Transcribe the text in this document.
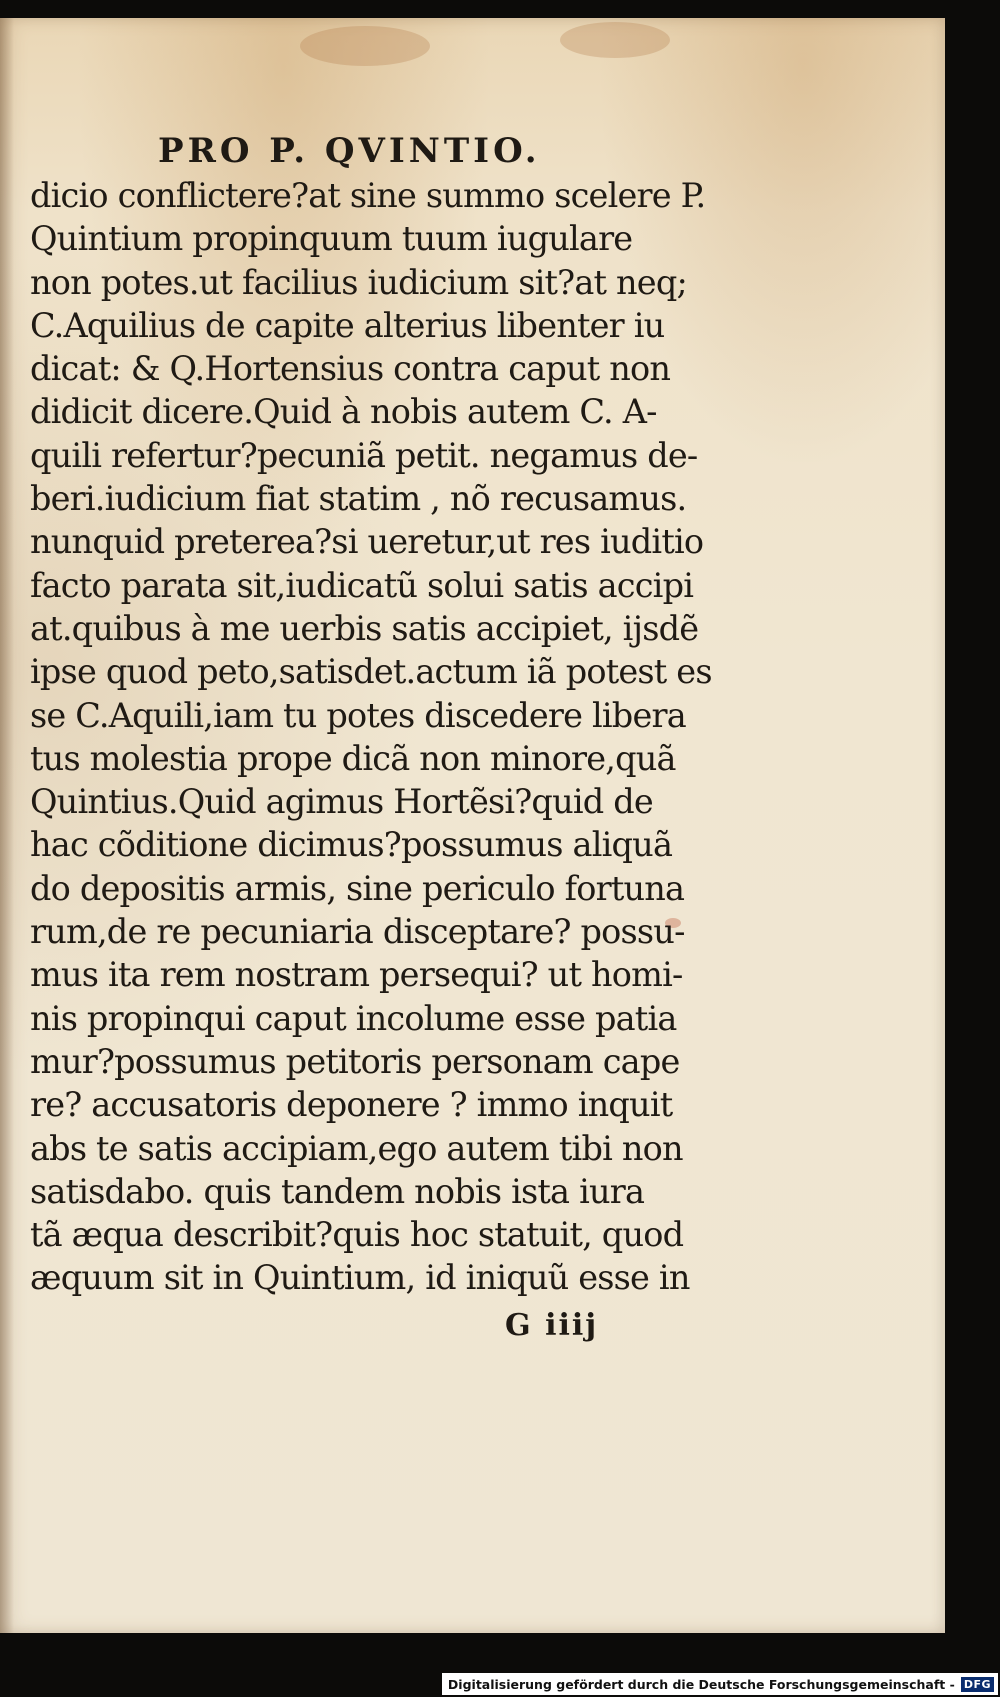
PRO P. QVINTIO.
dicio conflictere?at sine summo scelere P.
Quintium propinquum tuum iugulare
non potes.ut facilius iudicium sit?at neq;
C.Aquilius de capite alterius libenter iu
dicat: & Q.Hortensius contra caput non
didicit dicere.Quid à nobis autem C. A-
quili refertur?pecuniã petit. negamus de-
beri.iudicium fiat statim , nõ recusamus.
nunquid preterea?si ueretur,ut res iuditio
facto parata sit,iudicatũ solui satis accipi
at.quibus à me uerbis satis accipiet, ijsdẽ
ipse quod peto,satisdet.actum iã potest es
se C.Aquili,iam tu potes discedere libera
tus molestia prope dicã non minore,quã
Quintius.Quid agimus Hortẽsi?quid de
hac cõditione dicimus?possumus aliquã
do depositis armis, sine periculo fortuna
rum,de re pecuniaria disceptare? possu-
mus ita rem nostram persequi? ut homi-
nis propinqui caput incolume esse patia
mur?possumus petitoris personam cape
re? accusatoris deponere ? immo inquit
abs te satis accipiam,ego autem tibi non
satisdabo. quis tandem nobis ista iura
tã æqua describit?quis hoc statuit, quod
æquum sit in Quintium, id iniquũ esse in
G iiij
Digitalisierung gefördert durch die Deutsche Forschungsgemeinschaft - DFG
